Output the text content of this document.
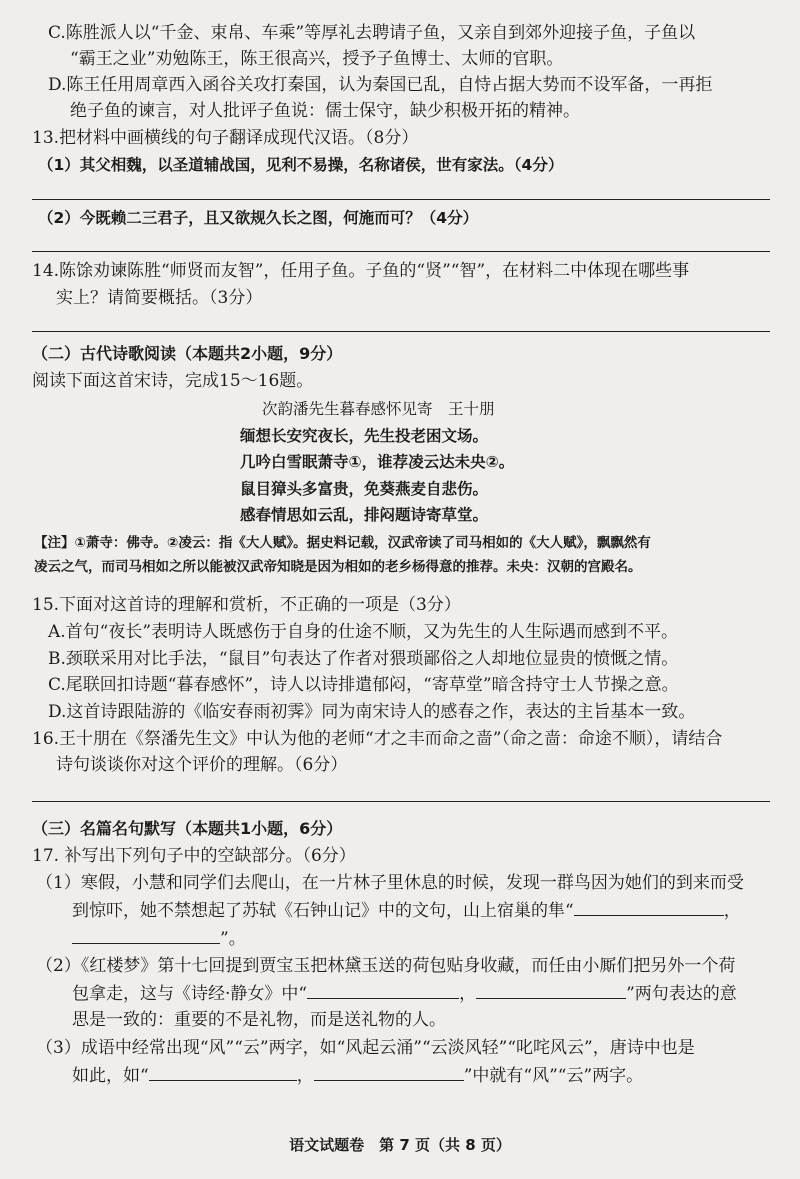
C.陈胜派人以“千金、束帛、车乘”等厚礼去聘请子鱼，又亲自到郊外迎接子鱼，子鱼以
“霸王之业”劝勉陈王，陈王很高兴，授予子鱼博士、太师的官职。
D.陈王任用周章西入函谷关攻打秦国，认为秦国已乱，自恃占据大势而不设军备，一再拒
绝子鱼的谏言，对人批评子鱼说：儒士保守，缺少积极开拓的精神。
13.把材料中画横线的句子翻译成现代汉语。（8分）
（1）其父相魏，以圣道辅战国，见利不易操，名称诸侯，世有家法。（4分）
（2）今既赖二三君子，且又欲规久长之图，何施而可？（4分）
14.陈馀劝谏陈胜“师贤而友智”，任用子鱼。子鱼的“贤”“智”，在材料二中体现在哪些事
实上？请简要概括。（3分）
（二）古代诗歌阅读（本题共2小题，9分）
阅读下面这首宋诗，完成15～16题。
次韵潘先生暮春感怀见寄　王十朋
缅想长安究夜长，先生投老困文场。
几吟白雪眠萧寺①，谁荐凌云达未央②。
鼠目獐头多富贵，免葵燕麦自悲伤。
感春情思如云乱，排闷题诗寄草堂。
【注】①萧寺：佛寺。②凌云：指《大人赋》。据史料记载，汉武帝读了司马相如的《大人赋》，飘飘然有
凌云之气，而司马相如之所以能被汉武帝知晓是因为相如的老乡杨得意的推荐。未央：汉朝的宫殿名。
15.下面对这首诗的理解和赏析，不正确的一项是（3分）
A.首句“夜长”表明诗人既感伤于自身的仕途不顺，又为先生的人生际遇而感到不平。
B.颈联采用对比手法，“鼠目”句表达了作者对猥琐鄙俗之人却地位显贵的愤慨之情。
C.尾联回扣诗题“暮春感怀”，诗人以诗排遣郁闷，“寄草堂”暗含持守士人节操之意。
D.这首诗跟陆游的《临安春雨初霁》同为南宋诗人的感春之作，表达的主旨基本一致。
16.王十朋在《祭潘先生文》中认为他的老师“才之丰而命之啬”（命之啬：命途不顺），请结合
诗句谈谈你对这个评价的理解。（6分）
（三）名篇名句默写（本题共1小题，6分）
17. 补写出下列句子中的空缺部分。（6分）
（1）寒假，小慧和同学们去爬山，在一片林子里休息的时候，发现一群鸟因为她们的到来而受
到惊吓，她不禁想起了苏轼《石钟山记》中的文句，山上宿巢的隼“	，
”。
（2）《红楼梦》第十七回提到贾宝玉把林黛玉送的荷包贴身收藏，而任由小厮们把另外一个荷
包拿走，这与《诗经·静女》中“	，	”两句表达的意
思是一致的：重要的不是礼物，而是送礼物的人。
（3）成语中经常出现“风”“云”两字，如“风起云涌”“云淡风轻”“叱咤风云”，唐诗中也是
如此，如“	，	”中就有“风”“云”两字。
语文试题卷　第 7 页（共 8 页）
